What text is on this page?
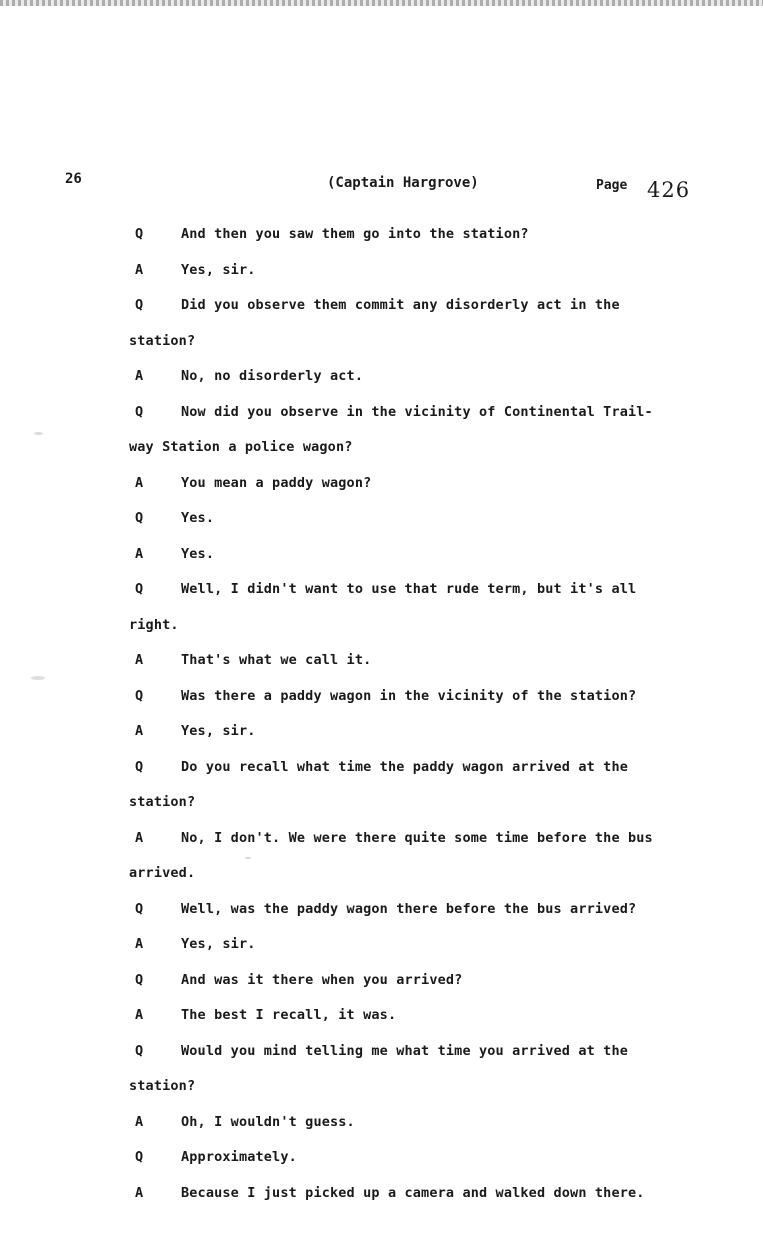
26	(Captain Hargrove)	Page 426
Q	And then you saw them go into the station?
A	Yes, sir.
Q	Did you observe them commit any disorderly act in the
station?
A	No, no disorderly act.
Q	Now did you observe in the vicinity of Continental Trail-
way Station a police wagon?
A	You mean a paddy wagon?
Q	Yes.
A	Yes.
Q	Well, I didn't want to use that rude term, but it's all
right.
A	That's what we call it.
Q	Was there a paddy wagon in the vicinity of the station?
A	Yes, sir.
Q	Do you recall what time the paddy wagon arrived at the
station?
A	No, I don't. We were there quite some time before the bus
arrived.
Q	Well, was the paddy wagon there before the bus arrived?
A	Yes, sir.
Q	And was it there when you arrived?
A	The best I recall, it was.
Q	Would you mind telling me what time you arrived at the
station?
A	Oh, I wouldn't guess.
Q	Approximately.
A	Because I just picked up a camera and walked down there.
